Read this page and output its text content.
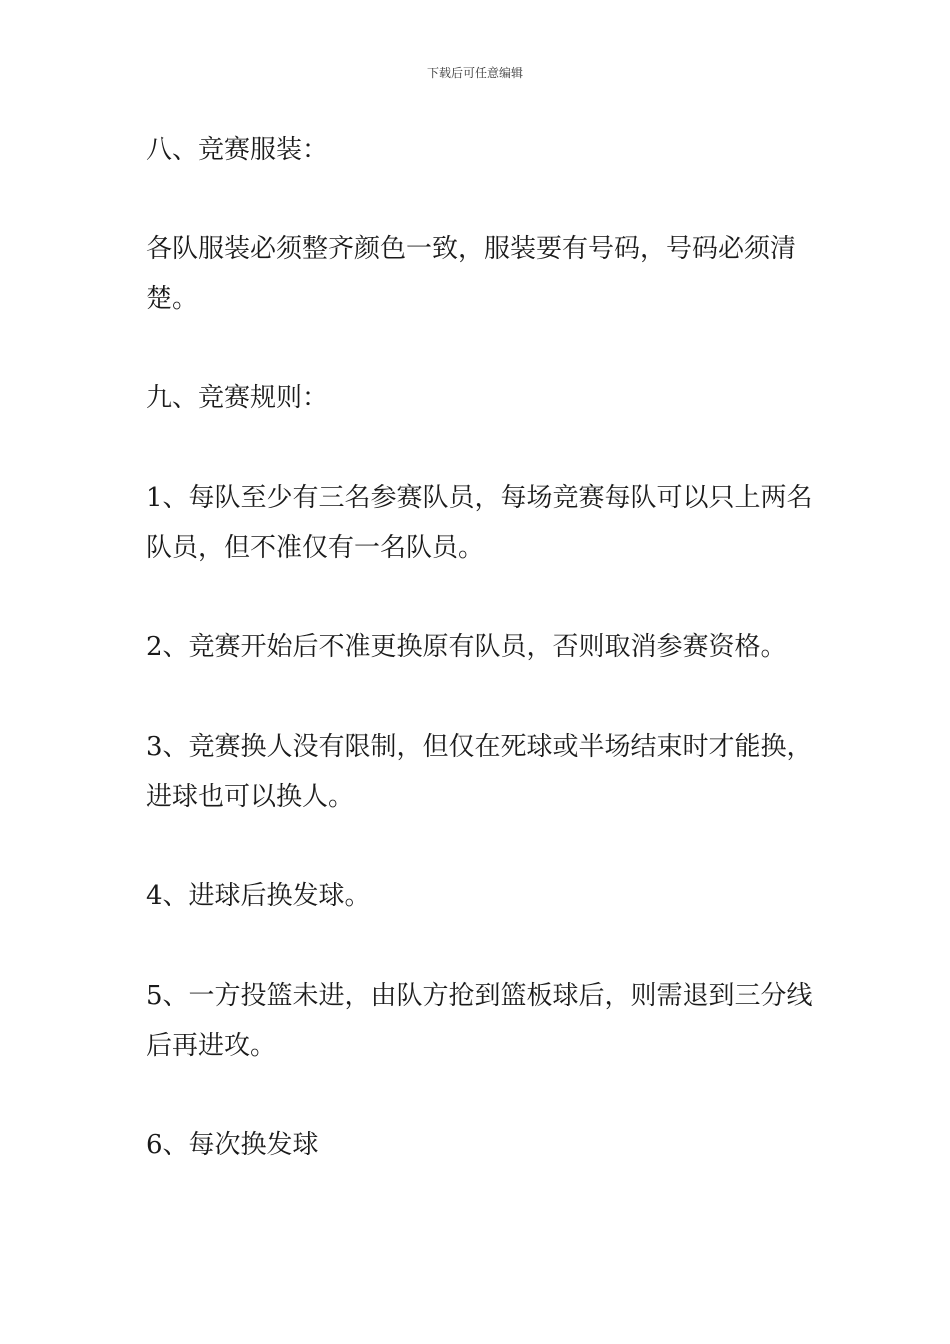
下载后可任意编辑

八、竞赛服装：

各队服装必须整齐颜色一致，服装要有号码，号码必须清
楚。

九、竞赛规则：

1、每队至少有三名参赛队员，每场竞赛每队可以只上两名
队员，但不准仅有一名队员。

2、竞赛开始后不准更换原有队员，否则取消参赛资格。

3、竞赛换人没有限制，但仅在死球或半场结束时才能换，
进球也可以换人。

4、进球后换发球。

5、一方投篮未进，由队方抢到篮板球后，则需退到三分线
后再进攻。

6、每次换发球
